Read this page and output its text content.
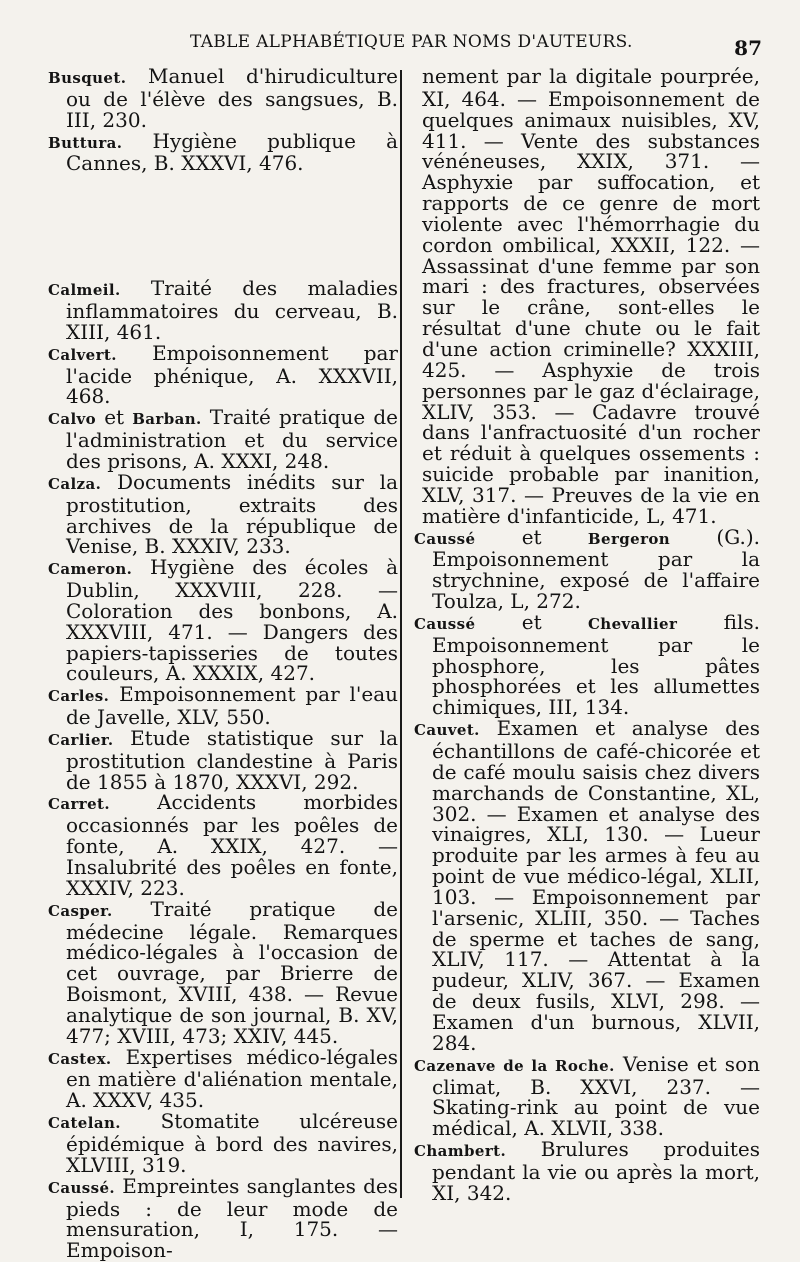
TABLE ALPHABÉTIQUE PAR NOMS D'AUTEURS.	87

Busquet. Manuel d'hirudiculture ou de l'élève des sangsues, B. III, 230.

Buttura. Hygiène publique à Cannes, B. XXXVI, 476.

Calmeil. Traité des maladies inflammatoires du cerveau, B. XIII, 461.

Calvert. Empoisonnement par l'acide phénique, A. XXXVII, 468.

Calvo et Barban. Traité pratique de l'administration et du service des prisons, A. XXXI, 248.

Calza. Documents inédits sur la prostitution, extraits des archives de la république de Venise, B. XXXIV, 233.

Cameron. Hygiène des écoles à Dublin, XXXVIII, 228. — Coloration des bonbons, A. XXXVIII, 471. — Dangers des papiers-tapisseries de toutes couleurs, A. XXXIX, 427.

Carles. Empoisonnement par l'eau de Javelle, XLV, 550.

Carlier. Etude statistique sur la prostitution clandestine à Paris de 1855 à 1870, XXXVI, 292.

Carret. Accidents morbides occasionnés par les poêles de fonte, A. XXIX, 427. — Insalubrité des poêles en fonte, XXXIV, 223.

Casper. Traité pratique de médecine légale. Remarques médico-légales à l'occasion de cet ouvrage, par Brierre de Boismont, XVIII, 438. — Revue analytique de son journal, B. XV, 477; XVIII, 473; XXIV, 445.

Castex. Expertises médico-légales en matière d'aliénation mentale, A. XXXV, 435.

Catelan. Stomatite ulcéreuse épidémique à bord des navires, XLVIII, 319.

Caussé. Empreintes sanglantes des pieds : de leur mode de mensuration, I, 175. — Empoison-

nement par la digitale pourprée, XI, 464. — Empoisonnement de quelques animaux nuisibles, XV, 411. — Vente des substances vénéneuses, XXIX, 371. — Asphyxie par suffocation, et rapports de ce genre de mort violente avec l'hémorrhagie du cordon ombilical, XXXII, 122. — Assassinat d'une femme par son mari : des fractures, observées sur le crâne, sont-elles le résultat d'une chute ou le fait d'une action criminelle? XXXIII, 425. — Asphyxie de trois personnes par le gaz d'éclairage, XLIV, 353. — Cadavre trouvé dans l'anfractuosité d'un rocher et réduit à quelques ossements : suicide probable par inanition, XLV, 317. — Preuves de la vie en matière d'infanticide, L, 471.

Caussé et Bergeron (G.). Empoisonnement par la strychnine, exposé de l'affaire Toulza, L, 272.

Caussé et Chevallier fils. Empoisonnement par le phosphore, les pâtes phosphorées et les allumettes chimiques, III, 134.

Cauvet. Examen et analyse des échantillons de café-chicorée et de café moulu saisis chez divers marchands de Constantine, XL, 302. — Examen et analyse des vinaigres, XLI, 130. — Lueur produite par les armes à feu au point de vue médico-légal, XLII, 103. — Empoisonnement par l'arsenic, XLIII, 350. — Taches de sperme et taches de sang, XLIV, 117. — Attentat à la pudeur, XLIV, 367. — Examen de deux fusils, XLVI, 298. — Examen d'un burnous, XLVII, 284.

Cazenave de la Roche. Venise et son climat, B. XXVI, 237. — Skating-rink au point de vue médical, A. XLVII, 338.

Chambert. Brulures produites pendant la vie ou après la mort, XI, 342.
